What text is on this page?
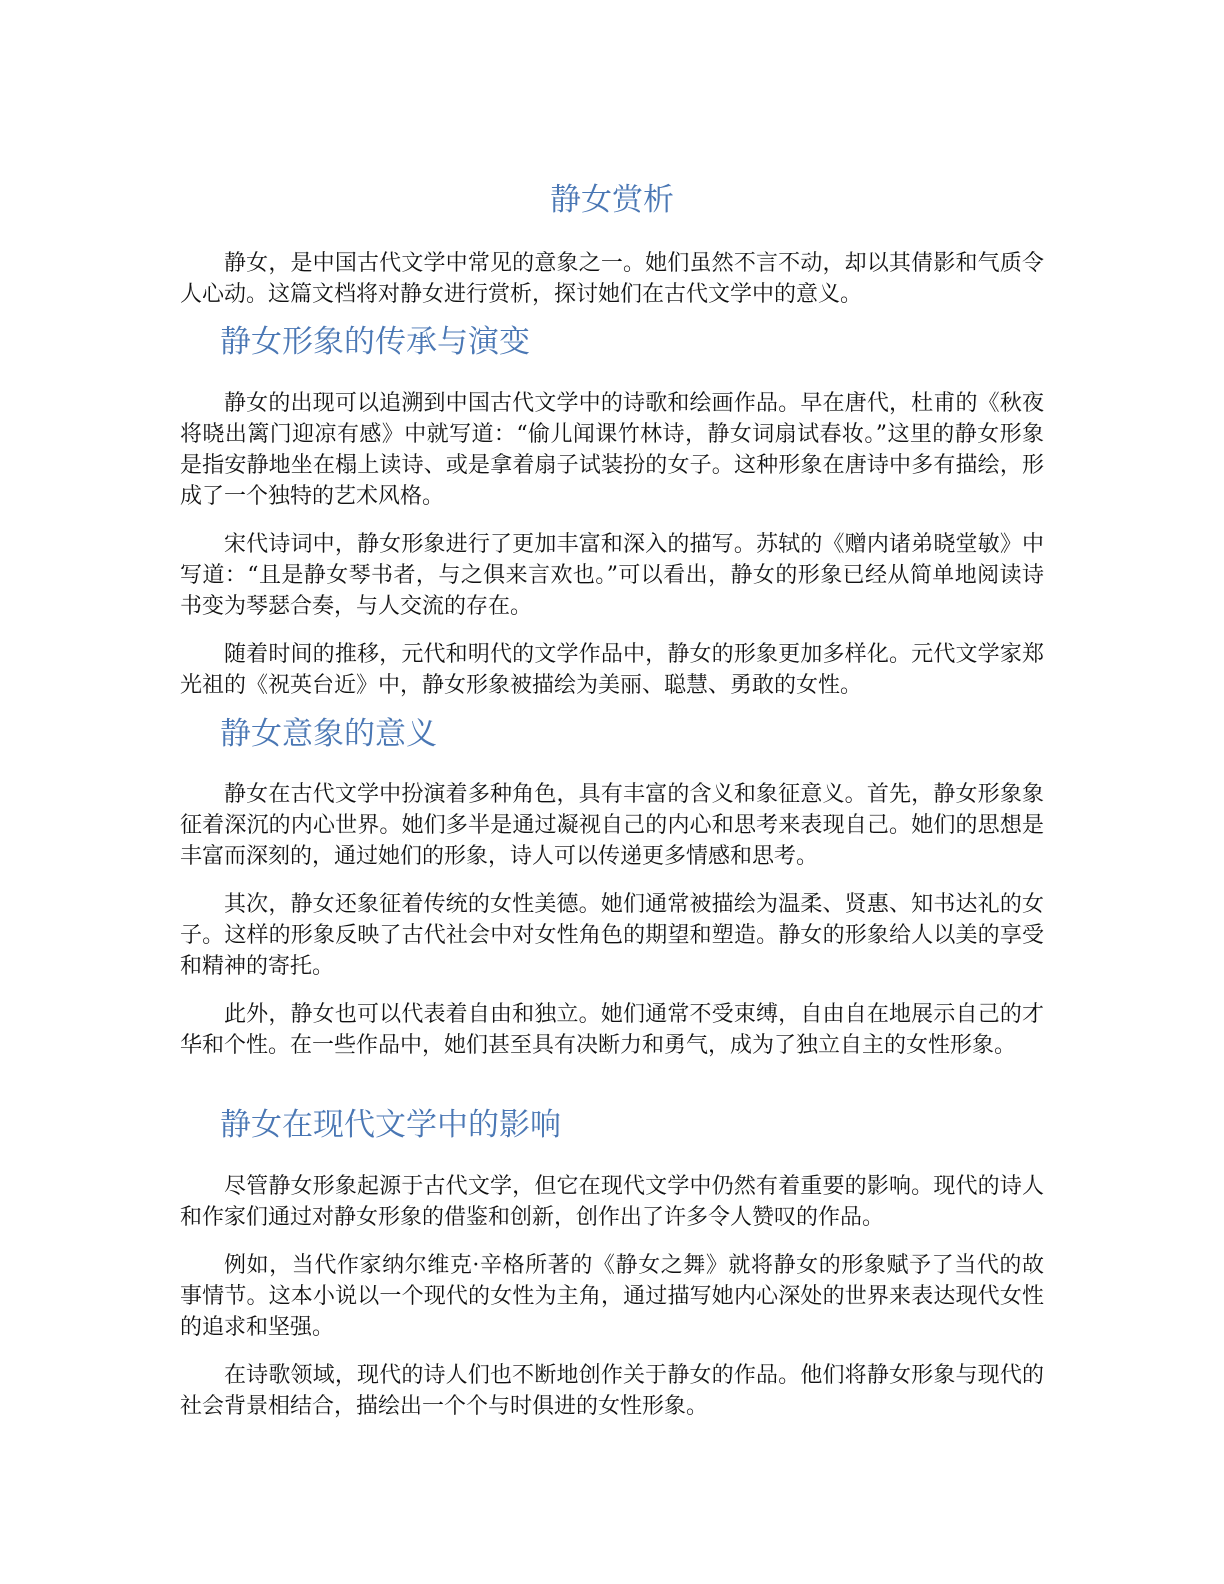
静女赏析

静女，是中国古代文学中常见的意象之一。她们虽然不言不动，却以其倩影和气质令人心动。这篇文档将对静女进行赏析，探讨她们在古代文学中的意义。

静女形象的传承与演变

静女的出现可以追溯到中国古代文学中的诗歌和绘画作品。早在唐代，杜甫的《秋夜将晓出篱门迎凉有感》中就写道：“偷儿闻课竹林诗，静女词扇试春妆。”这里的静女形象是指安静地坐在榻上读诗、或是拿着扇子试装扮的女子。这种形象在唐诗中多有描绘，形成了一个独特的艺术风格。

宋代诗词中，静女形象进行了更加丰富和深入的描写。苏轼的《赠内诸弟晓堂敏》中写道：“且是静女琴书者，与之俱来言欢也。”可以看出，静女的形象已经从简单地阅读诗书变为琴瑟合奏，与人交流的存在。

随着时间的推移，元代和明代的文学作品中，静女的形象更加多样化。元代文学家郑光祖的《祝英台近》中，静女形象被描绘为美丽、聪慧、勇敢的女性。

静女意象的意义

静女在古代文学中扮演着多种角色，具有丰富的含义和象征意义。首先，静女形象象征着深沉的内心世界。她们多半是通过凝视自己的内心和思考来表现自己。她们的思想是丰富而深刻的，通过她们的形象，诗人可以传递更多情感和思考。

其次，静女还象征着传统的女性美德。她们通常被描绘为温柔、贤惠、知书达礼的女子。这样的形象反映了古代社会中对女性角色的期望和塑造。静女的形象给人以美的享受和精神的寄托。

此外，静女也可以代表着自由和独立。她们通常不受束缚，自由自在地展示自己的才华和个性。在一些作品中，她们甚至具有决断力和勇气，成为了独立自主的女性形象。

静女在现代文学中的影响

尽管静女形象起源于古代文学，但它在现代文学中仍然有着重要的影响。现代的诗人和作家们通过对静女形象的借鉴和创新，创作出了许多令人赞叹的作品。

例如，当代作家纳尔维克·辛格所著的《静女之舞》就将静女的形象赋予了当代的故事情节。这本小说以一个现代的女性为主角，通过描写她内心深处的世界来表达现代女性的追求和坚强。

在诗歌领域，现代的诗人们也不断地创作关于静女的作品。他们将静女形象与现代的社会背景相结合，描绘出一个个与时俱进的女性形象。
